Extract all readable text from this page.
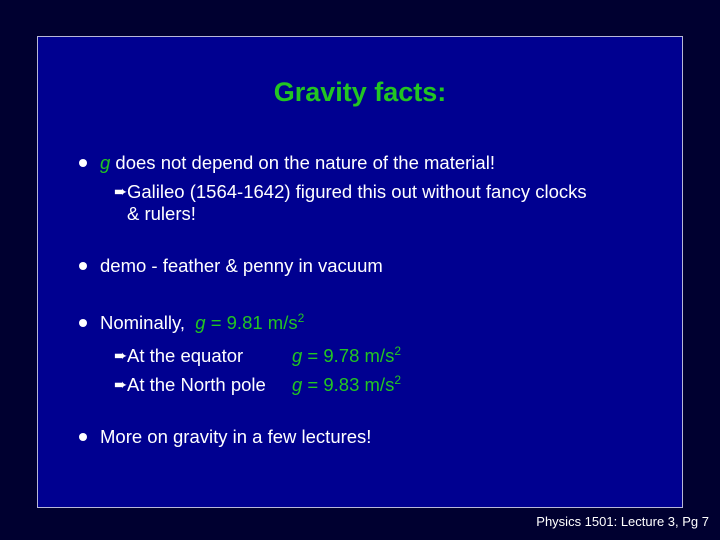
Gravity facts:
g does not depend on the nature of the material!
➨ Galileo (1564-1642) figured this out without fancy clocks
& rulers!
demo - feather & penny in vacuum
Nominally, g = 9.81 $m/s^2$
➨ At the equator	g = 9.78 $m/s^2$
➨ At the North pole g = 9.83 $m/s^2$
More on gravity in a few lectures!
Physics 1501: Lecture 3, Pg 7
